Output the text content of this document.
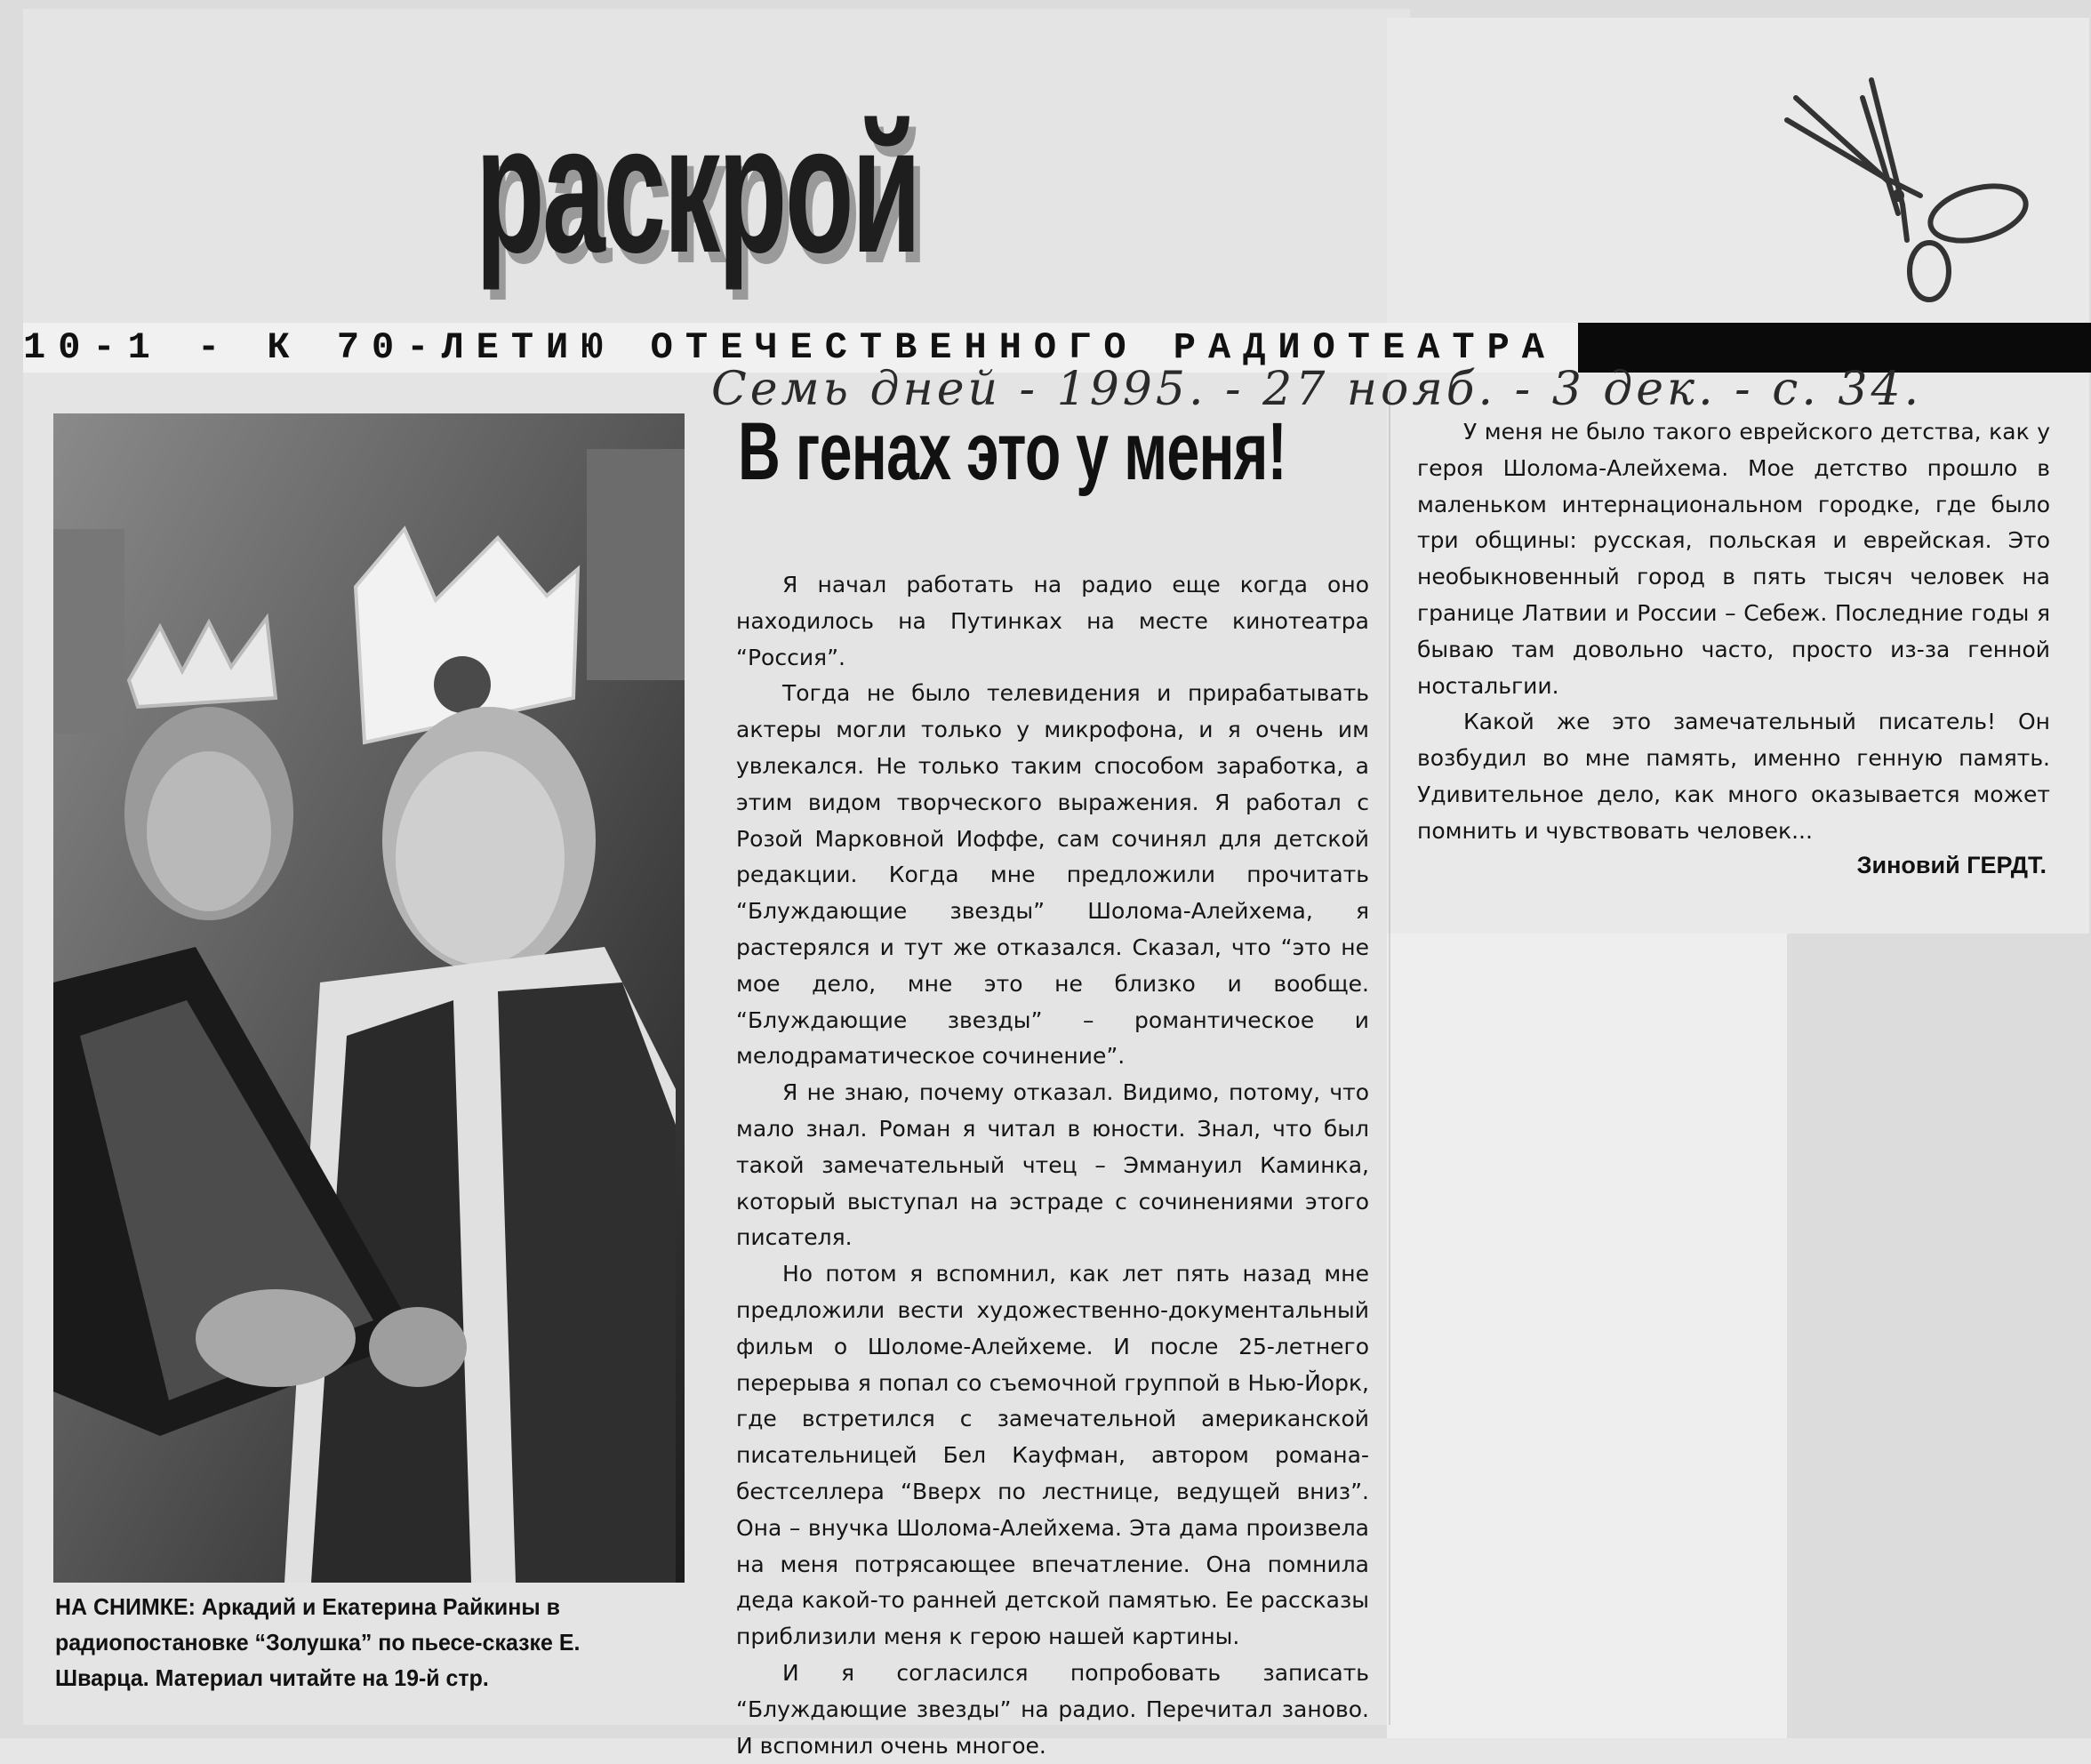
раскрой
10-1 - К 70-ЛЕТИЮ ОТЕЧЕСТВЕННОГО РАДИОТЕАТРА
Семь дней - 1995. - 27 нояб. - 3 дек. - с. 34.
НА СНИМКЕ: Аркадий и Екатерина Райкины в радиопостановке “Золушка” по пьесе-сказке Е. Шварца. Материал читайте на 19-й стр.
В генах это у меня!

Я начал работать на радио еще когда оно находилось на Путинках на месте кинотеатра “Россия”.

Тогда не было телевидения и прирабатывать актеры могли только у микрофона, и я очень им увлекался. Не только таким способом заработка, а этим видом творческого выражения. Я работал с Розой Марковной Иоффе, сам сочинял для детской редакции. Когда мне предложили прочитать “Блуждающие звезды” Шолома-Алейхема, я растерялся и тут же отказался. Сказал, что “это не мое дело, мне это не близко и вообще. “Блуждающие звезды” – романтическое и мелодраматическое сочинение”.

Я не знаю, почему отказал. Видимо, потому, что мало знал. Роман я читал в юности. Знал, что был такой замечательный чтец – Эммануил Каминка, который выступал на эстраде с сочинениями этого писателя.

Но потом я вспомнил, как лет пять назад мне предложили вести художественно-документальный фильм о Шоломе-Алейхеме. И после 25-летнего перерыва я попал со съемочной группой в Нью-Йорк, где встретился с замечательной американской писательницей Бел Кауфман, автором романа-бестселлера “Вверх по лестнице, ведущей вниз”. Она – внучка Шолома-Алейхема. Эта дама произвела на меня потрясающее впечатление. Она помнила деда какой-то ранней детской памятью. Ее рассказы приблизили меня к герою нашей картины.

И я согласился попробовать записать “Блуждающие звезды” на радио. Перечитал заново. И вспомнил очень многое.

У меня не было такого еврейского детства, как у героя Шолома-Алейхема. Мое детство прошло в маленьком интернациональном городке, где было три общины: русская, польская и еврейская. Это необыкновенный город в пять тысяч человек на границе Латвии и России – Себеж. Последние годы я бываю там довольно часто, просто из-за генной ностальгии.

Какой же это замечательный писатель! Он возбудил во мне память, именно генную память. Удивительное дело, как много оказывается может помнить и чувствовать человек...

Зиновий ГЕРДТ.
